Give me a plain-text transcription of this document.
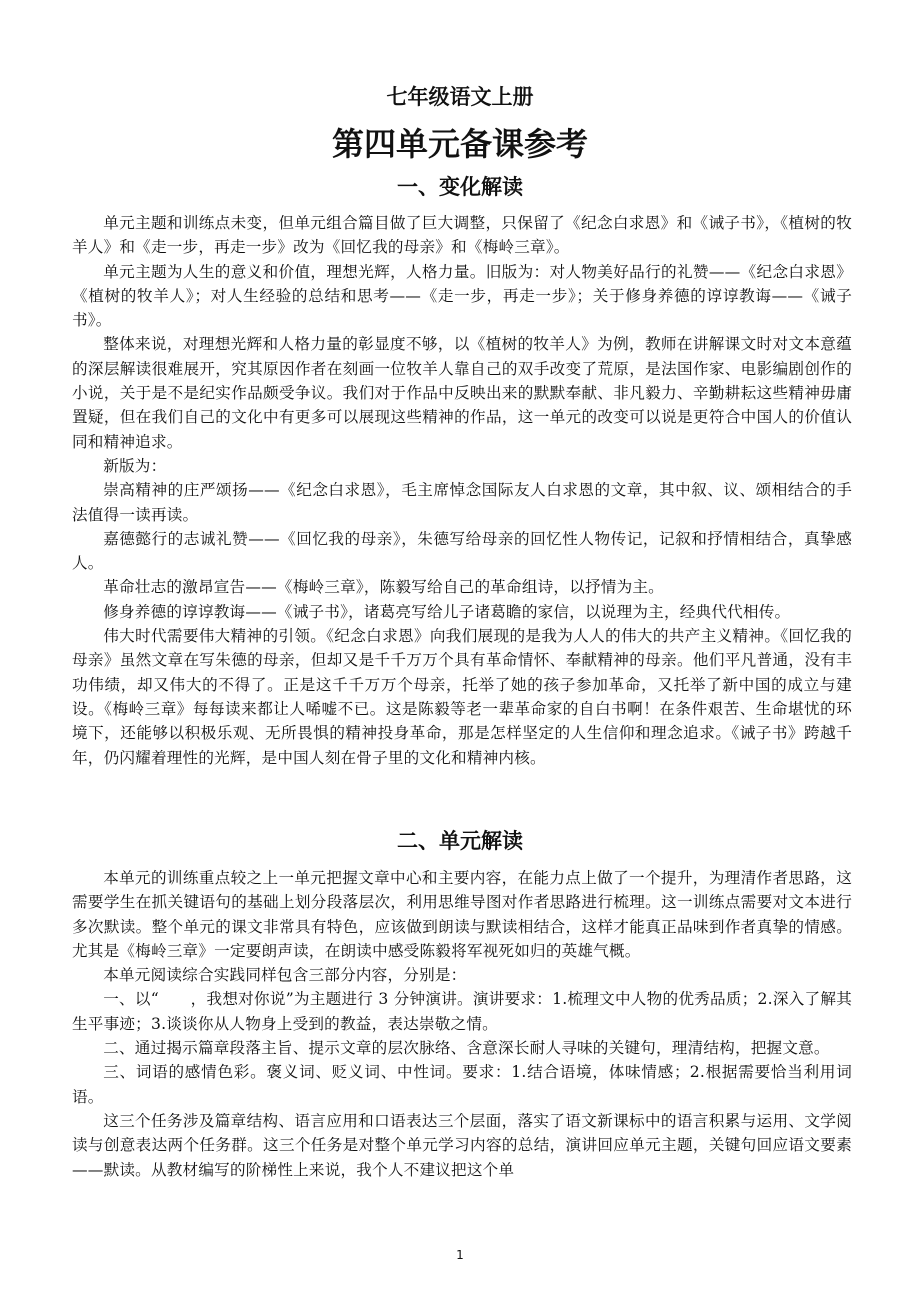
七年级语文上册
第四单元备课参考
一、变化解读

单元主题和训练点未变，但单元组合篇目做了巨大调整，只保留了《纪念白求恩》和《诫子书》，《植树的牧羊人》和《走一步，再走一步》改为《回忆我的母亲》和《梅岭三章》。

单元主题为人生的意义和价值，理想光辉，人格力量。旧版为：对人物美好品行的礼赞——《纪念白求恩》《植树的牧羊人》；对人生经验的总结和思考——《走一步，再走一步》；关于修身养德的谆谆教诲——《诫子书》。

整体来说，对理想光辉和人格力量的彰显度不够，以《植树的牧羊人》为例，教师在讲解课文时对文本意蕴的深层解读很难展开，究其原因作者在刻画一位牧羊人靠自己的双手改变了荒原，是法国作家、电影编剧创作的小说，关于是不是纪实作品颇受争议。我们对于作品中反映出来的默默奉献、非凡毅力、辛勤耕耘这些精神毋庸置疑，但在我们自己的文化中有更多可以展现这些精神的作品，这一单元的改变可以说是更符合中国人的价值认同和精神追求。

新版为：

崇高精神的庄严颂扬——《纪念白求恩》，毛主席悼念国际友人白求恩的文章，其中叙、议、颂相结合的手法值得一读再读。

嘉德懿行的志诚礼赞——《回忆我的母亲》，朱德写给母亲的回忆性人物传记，记叙和抒情相结合，真挚感人。

革命壮志的激昂宣告——《梅岭三章》，陈毅写给自己的革命组诗，以抒情为主。

修身养德的谆谆教诲——《诫子书》，诸葛亮写给儿子诸葛瞻的家信，以说理为主，经典代代相传。

伟大时代需要伟大精神的引领。《纪念白求恩》向我们展现的是我为人人的伟大的共产主义精神。《回忆我的母亲》虽然文章在写朱德的母亲，但却又是千千万万个具有革命情怀、奉献精神的母亲。他们平凡普通，没有丰功伟绩，却又伟大的不得了。正是这千千万万个母亲，托举了她的孩子参加革命，又托举了新中国的成立与建设。《梅岭三章》每每读来都让人唏嘘不已。这是陈毅等老一辈革命家的自白书啊！在条件艰苦、生命堪忧的环境下，还能够以积极乐观、无所畏惧的精神投身革命，那是怎样坚定的人生信仰和理念追求。《诫子书》跨越千年，仍闪耀着理性的光辉，是中国人刻在骨子里的文化和精神内核。

二、单元解读

本单元的训练重点较之上一单元把握文章中心和主要内容，在能力点上做了一个提升，为理清作者思路，这需要学生在抓关键语句的基础上划分段落层次，利用思维导图对作者思路进行梳理。这一训练点需要对文本进行多次默读。整个单元的课文非常具有特色，应该做到朗读与默读相结合，这样才能真正品味到作者真挚的情感。尤其是《梅岭三章》一定要朗声读，在朗读中感受陈毅将军视死如归的英雄气概。

本单元阅读综合实践同样包含三部分内容，分别是：

一、以“　　，我想对你说”为主题进行 3 分钟演讲。演讲要求：1.梳理文中人物的优秀品质；2.深入了解其生平事迹；3.谈谈你从人物身上受到的教益，表达崇敬之情。

二、通过揭示篇章段落主旨、提示文章的层次脉络、含意深长耐人寻味的关键句，理清结构，把握文意。

三、词语的感情色彩。褒义词、贬义词、中性词。要求：1.结合语境，体味情感；2.根据需要恰当利用词语。

这三个任务涉及篇章结构、语言应用和口语表达三个层面，落实了语文新课标中的语言积累与运用、文学阅读与创意表达两个任务群。这三个任务是对整个单元学习内容的总结，演讲回应单元主题，关键句回应语文要素——默读。从教材编写的阶梯性上来说，我个人不建议把这个单

1
